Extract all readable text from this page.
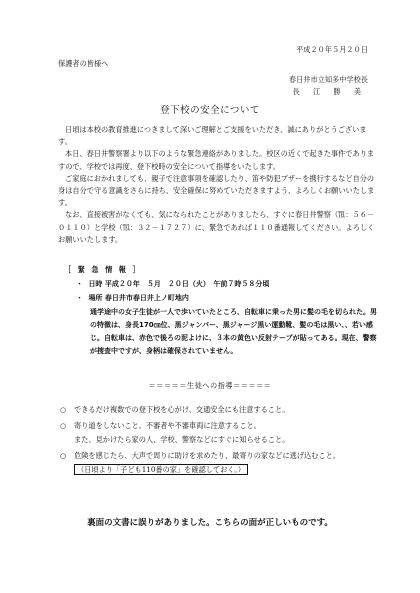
平成２０年５月２０日
保護者の皆様へ
春日井市立知多中学校長
長　江　勝　美
登下校の安全について

日頃は本校の教育推進につきまして深いご理解とご支援をいただき、誠にありがとうございます。

本日、春日井警察署より以下のような緊急連絡がありました。校区の近くで起きた事件でありますので、学校では再度、登下校時の安全について指導をいたします。

ご家庭におかれましても、親子で注意事項を確認したり、笛や防犯ブザーを携行するなど自分の身は自分で守る意識をさらに持ち、安全確保に努めていただきますよう、よろしくお願いいたします。

なお、直接被害がなくても、気になられたことがありましたら、すぐに春日井警察（℡：５６－０１１０）と学校（℡：３２－１７２７）に、緊急であれば１１０番通報してください。よろしくお願いいたします。

［ 緊 急 情 報 ］
・ 日時 平成２０年　５月　２０日（火）　午前７時５８分頃
・ 場所 春日井市春日井上ノ町地内
通学途中の女子生徒が一人で歩いていたところ、自転車に乗った男に髪の毛を切られた。男の特徴は、身長170㎝位、黒ジャンパー、黒ジャージ黒い運動靴、髪の毛は黒い、、若い感じ。自転車は、赤色で後ろの泥よけに、３本の黄色い反射テープが貼ってある。現在、警察が捜査中ですが、身柄は確保されていません。
＝＝＝＝＝生徒への指導＝＝＝＝＝
○ できるだけ複数での登下校を心がけ、交通安全にも注意すること。
○ 寄り道をしないこと。不審者や不審車両に注意すること。
また、見かけたら家の人、学校、警察などにすぐに知らせること。
○ 危険を感じたら、大声で周りに助けを求めたり、最寄りの家などに逃げ込むこと。
（日頃より「子ども110番の家」を確認しておく。）
裏面の文書に誤りがありました。こちらの面が正しいものです。
